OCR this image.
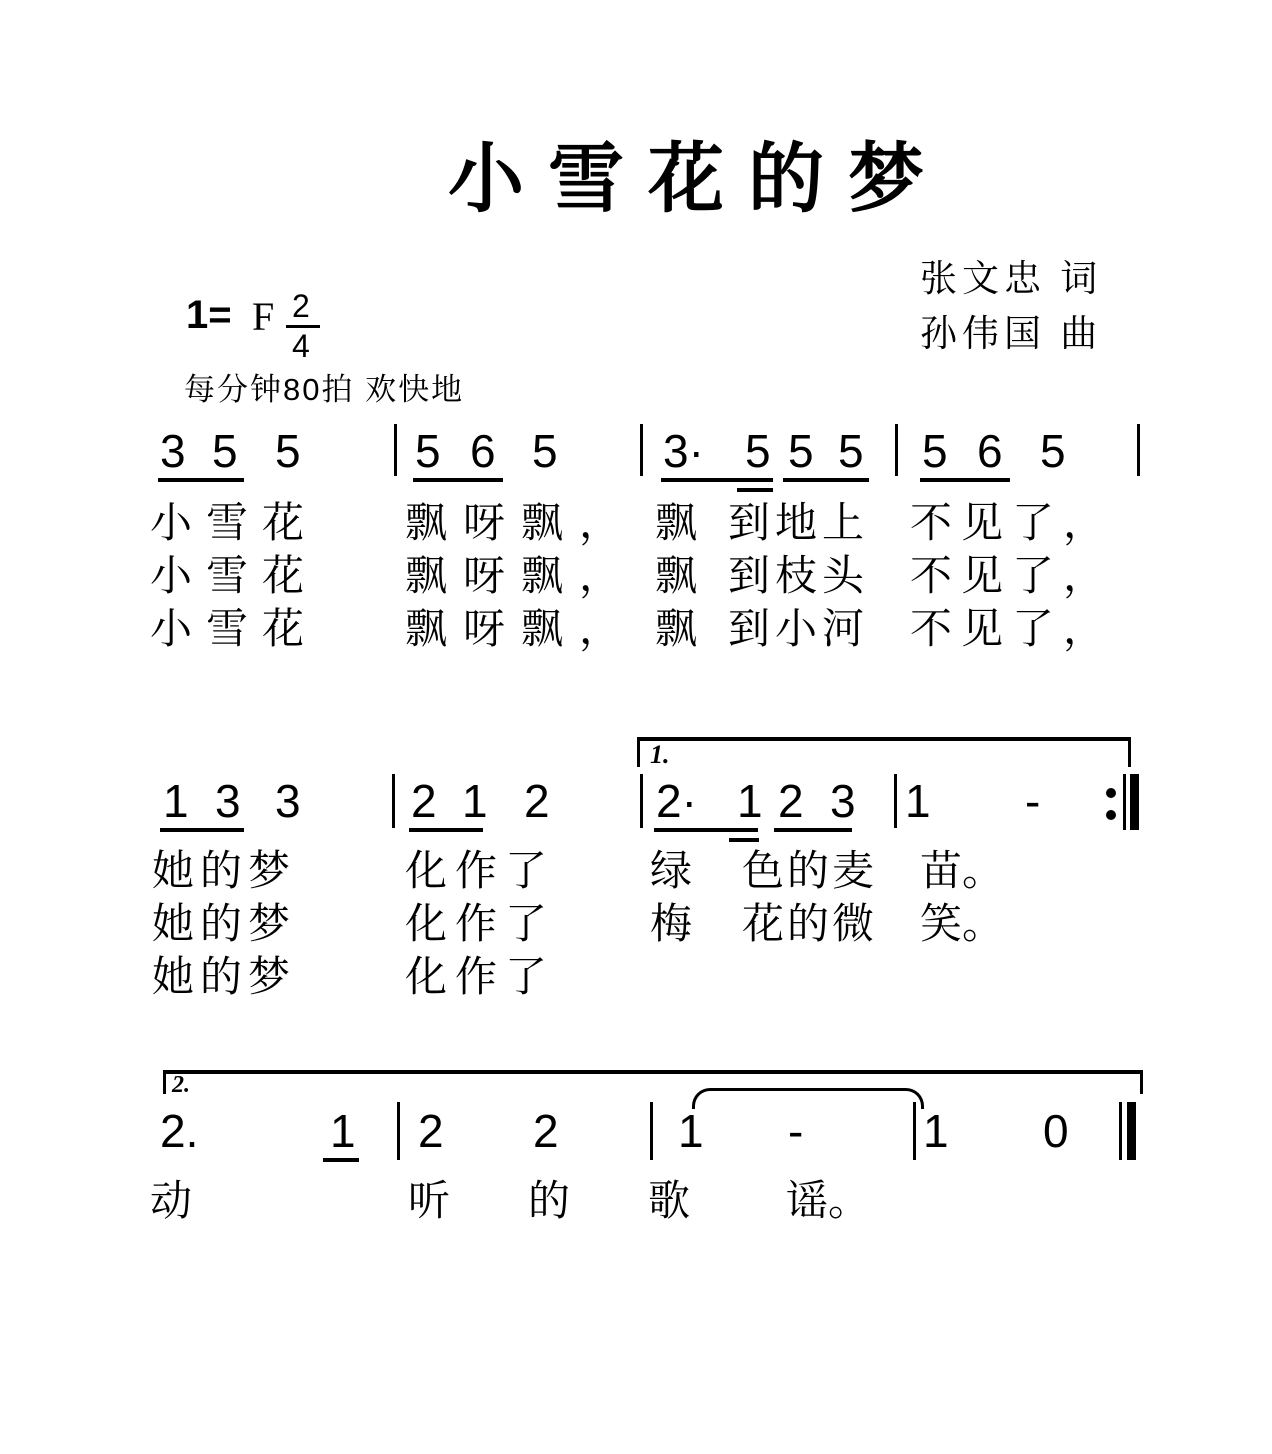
小雪花的梦
张文忠 词
孙伟国 曲
1= F 2
4
每分钟80拍 欢快地
3 5 5 5 6 5 3· 5 5 5 5 6 5
小雪花 飘呀飘， 飘 到地上 不见了，
小雪花 飘呀飘， 飘 到枝头 不见了，
小雪花 飘呀飘， 飘 到小河 不见了，
1.
1 3 3 2 1 2 2· 1 2 3 1 -
她的梦	化作了 绿 色的麦 苗。
她的梦	化作了 梅 花的微 笑。
她的梦	化作了
2.
2.	1 2 2	1 -	1 0
动	听 的 歌 谣。
